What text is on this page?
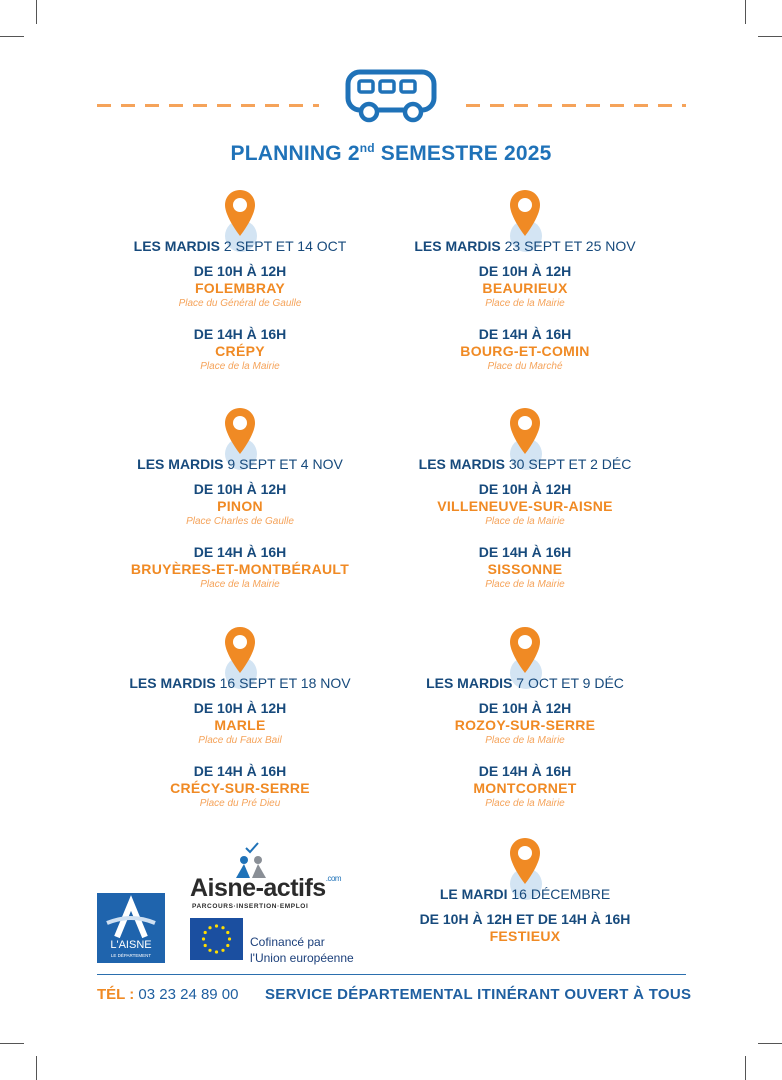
PLANNING 2nd SEMESTRE 2025
LES MARDIS 2 SEPT ET 14 OCT
DE 10H À 12H
FOLEMBRAY
Place du Général de Gaulle
DE 14H À 16H
CRÉPY
Place de la Mairie
LES MARDIS 23 SEPT ET 25 NOV
DE 10H À 12H
BEAURIEUX
Place de la Mairie
DE 14H À 16H
BOURG-ET-COMIN
Place du Marché
LES MARDIS 9 SEPT ET 4 NOV
DE 10H À 12H
PINON
Place Charles de Gaulle
DE 14H À 16H
BRUYÈRES-ET-MONTBÉRAULT
Place de la Mairie
LES MARDIS 30 SEPT ET 2 DÉC
DE 10H À 12H
VILLENEUVE-SUR-AISNE
Place de la Mairie
DE 14H À 16H
SISSONNE
Place de la Mairie
LES MARDIS 16 SEPT ET 18 NOV
DE 10H À 12H
MARLE
Place du Faux Bail
DE 14H À 16H
CRÉCY-SUR-SERRE
Place du Pré Dieu
LES MARDIS 7 OCT ET 9 DÉC
DE 10H À 12H
ROZOY-SUR-SERRE
Place de la Mairie
DE 14H À 16H
MONTCORNET
Place de la Mairie
LE MARDI 16 DÉCEMBRE
DE 10H À 12H ET DE 14H À 16H
FESTIEUX
Aisne-actifs$^{.com}$
PARCOURS·INSERTION·EMPLOI
L'AISNE
LE DÉPARTEMENT
Cofinancé par
l'Union européenne
TÉL : 03 23 24 89 00 SERVICE DÉPARTEMENTAL ITINÉRANT OUVERT À TOUS
